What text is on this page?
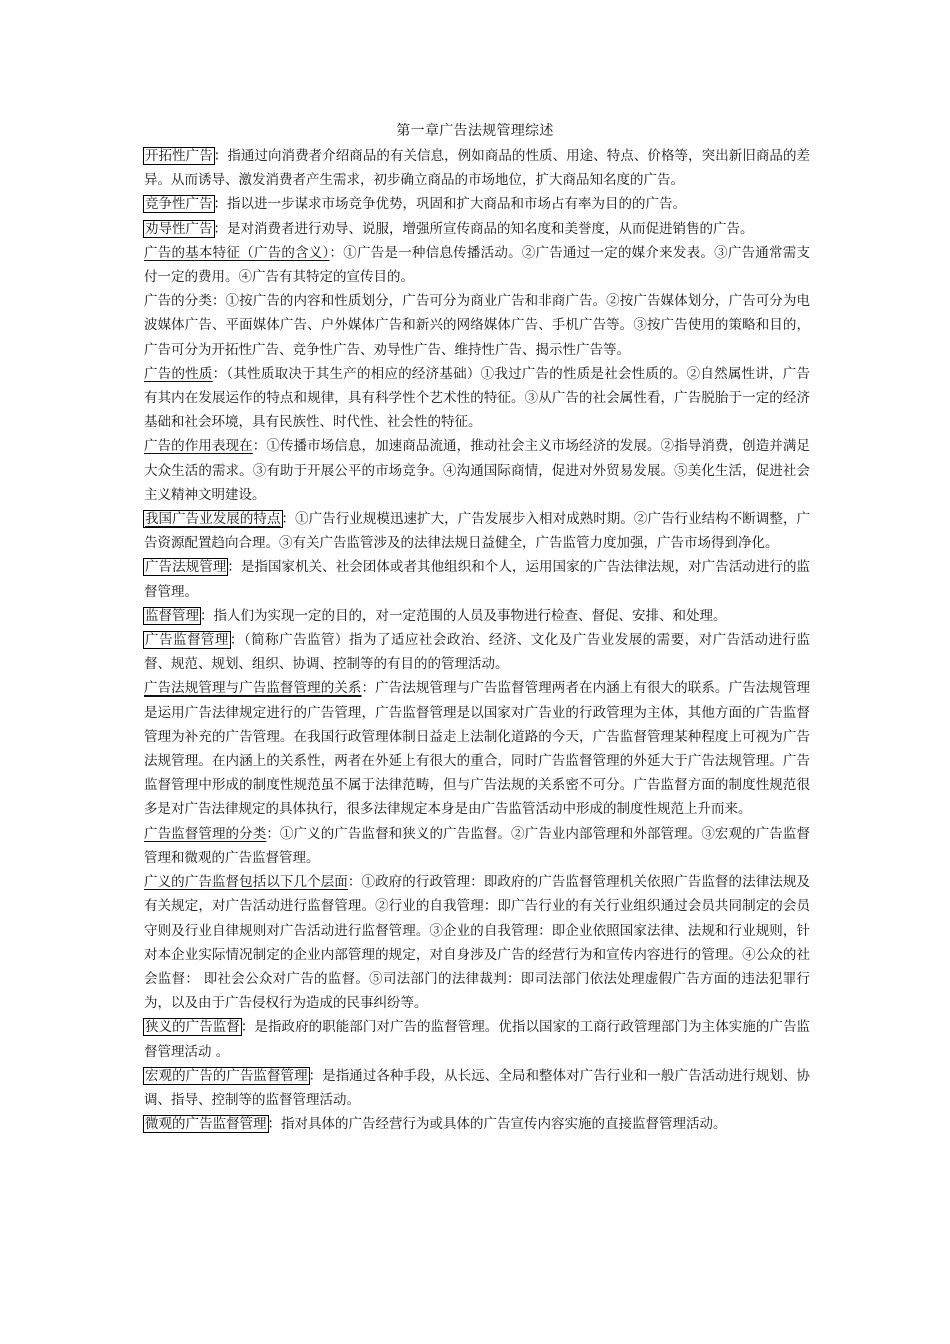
第一章广告法规管理综述

开拓性广告：指通过向消费者介绍商品的有关信息，例如商品的性质、用途、特点、价格等，突出新旧商品的差异。从而诱导、激发消费者产生需求，初步确立商品的市场地位，扩大商品知名度的广告。

竞争性广告：指以进一步谋求市场竞争优势，巩固和扩大商品和市场占有率为目的的广告。

劝导性广告：是对消费者进行劝导、说服，增强所宣传商品的知名度和美誉度，从而促进销售的广告。

广告的基本特征（广告的含义）：①广告是一种信息传播活动。②广告通过一定的媒介来发表。③广告通常需支付一定的费用。④广告有其特定的宣传目的。

广告的分类：①按广告的内容和性质划分，广告可分为商业广告和非商广告。②按广告媒体划分，广告可分为电波媒体广告、平面媒体广告、户外媒体广告和新兴的网络媒体广告、手机广告等。③按广告使用的策略和目的，广告可分为开拓性广告、竞争性广告、劝导性广告、维持性广告、揭示性广告等。

广告的性质：（其性质取决于其生产的相应的经济基础）①我过广告的性质是社会性质的。②自然属性讲，广告有其内在发展运作的特点和规律，具有科学性个艺术性的特征。③从广告的社会属性看，广告脱胎于一定的经济基础和社会环境，具有民族性、时代性、社会性的特征。

广告的作用表现在：①传播市场信息，加速商品流通，推动社会主义市场经济的发展。②指导消费，创造并满足大众生活的需求。③有助于开展公平的市场竞争。④沟通国际商情，促进对外贸易发展。⑤美化生活，促进社会主义精神文明建设。

我国广告业发展的特点：①广告行业规模迅速扩大，广告发展步入相对成熟时期。②广告行业结构不断调整，广告资源配置趋向合理。③有关广告监管涉及的法律法规日益健全，广告监管力度加强，广告市场得到净化。

广告法规管理：是指国家机关、社会团体或者其他组织和个人，运用国家的广告法律法规，对广告活动进行的监督管理。

监督管理：指人们为实现一定的目的，对一定范围的人员及事物进行检查、督促、安排、和处理。

广告监督管理：（简称广告监管）指为了适应社会政治、经济、文化及广告业发展的需要，对广告活动进行监督、规范、规划、组织、协调、控制等的有目的的管理活动。

广告法规管理与广告监督管理的关系：广告法规管理与广告监督管理两者在内涵上有很大的联系。广告法规管理是运用广告法律规定进行的广告管理，广告监督管理是以国家对广告业的行政管理为主体，其他方面的广告监督管理为补充的广告管理。在我国行政管理体制日益走上法制化道路的今天，广告监督管理某种程度上可视为广告法规管理。在内涵上的关系性，两者在外延上有很大的重合，同时广告监督管理的外延大于广告法规管理。广告监督管理中形成的制度性规范虽不属于法律范畴，但与广告法规的关系密不可分。广告监督方面的制度性规范很多是对广告法律规定的具体执行，很多法律规定本身是由广告监管活动中形成的制度性规范上升而来。

广告监督管理的分类：①广义的广告监督和狭义的广告监督。②广告业内部管理和外部管理。③宏观的广告监督管理和微观的广告监督管理。

广义的广告监督包括以下几个层面：①政府的行政管理：即政府的广告监督管理机关依照广告监督的法律法规及有关规定，对广告活动进行监督管理。②行业的自我管理：即广告行业的有关行业组织通过会员共同制定的会员守则及行业自律规则对广告活动进行监督管理。③企业的自我管理：即企业依照国家法律、法规和行业规则，针对本企业实际情况制定的企业内部管理的规定，对自身涉及广告的经营行为和宣传内容进行的管理。④公众的社会监督： 即社会公众对广告的监督。⑤司法部门的法律裁判：即司法部门依法处理虚假广告方面的违法犯罪行为，以及由于广告侵权行为造成的民事纠纷等。

狭义的广告监督：是指政府的职能部门对广告的监督管理。优指以国家的工商行政管理部门为主体实施的广告监督管理活动 。

宏观的广告的广告监督管理：是指通过各种手段，从长远、全局和整体对广告行业和一般广告活动进行规划、协调、指导、控制等的监督管理活动。

微观的广告监督管理：指对具体的广告经营行为或具体的广告宣传内容实施的直接监督管理活动。
